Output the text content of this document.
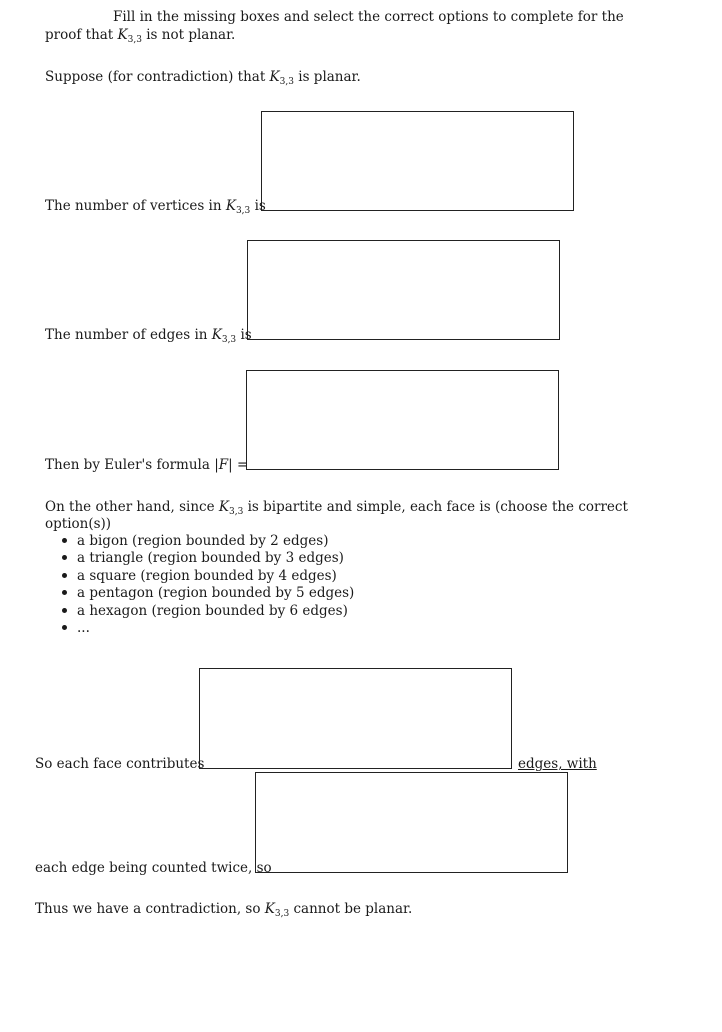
Fill in the missing boxes and select the correct options to complete for the
proof that $K_{3,3}$ is not planar.
Suppose (for contradiction) that $K_{3,3}$ is planar.
The number of vertices in $K_{3,3}$ is
The number of edges in $K_{3,3}$ is
Then by Euler's formula |F| =
On the other hand, since $K_{3,3}$ is bipartite and simple, each face is (choose the correct
option(s))
a bigon (region bounded by 2 edges)
a triangle (region bounded by 3 edges)
a square (region bounded by 4 edges)
a pentagon (region bounded by 5 edges)
a hexagon (region bounded by 6 edges)
...
So each face contributes	edges, with
each edge being counted twice, so
Thus we have a contradiction, so $K_{3,3}$ cannot be planar.
